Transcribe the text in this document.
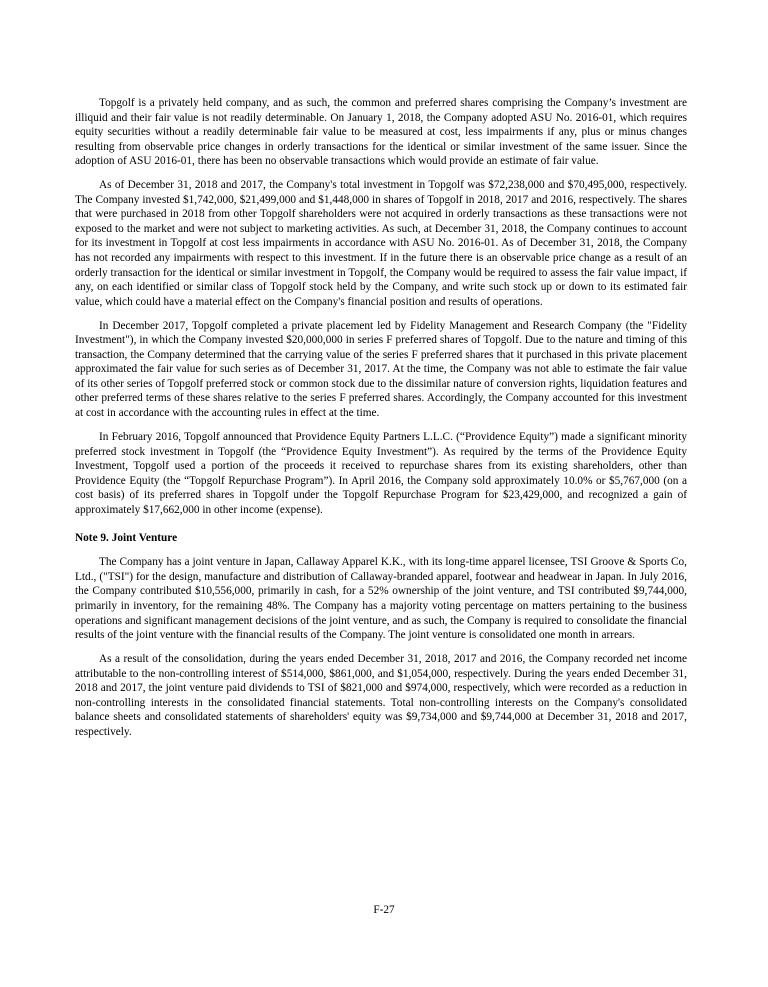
Topgolf is a privately held company, and as such, the common and preferred shares comprising the Company’s investment are illiquid and their fair value is not readily determinable. On January 1, 2018, the Company adopted ASU No. 2016-01, which requires equity securities without a readily determinable fair value to be measured at cost, less impairments if any, plus or minus changes resulting from observable price changes in orderly transactions for the identical or similar investment of the same issuer. Since the adoption of ASU 2016-01, there has been no observable transactions which would provide an estimate of fair value.

As of December 31, 2018 and 2017, the Company's total investment in Topgolf was $72,238,000 and $70,495,000, respectively. The Company invested $1,742,000, $21,499,000 and $1,448,000 in shares of Topgolf in 2018, 2017 and 2016, respectively. The shares that were purchased in 2018 from other Topgolf shareholders were not acquired in orderly transactions as these transactions were not exposed to the market and were not subject to marketing activities. As such, at December 31, 2018, the Company continues to account for its investment in Topgolf at cost less impairments in accordance with ASU No. 2016-01. As of December 31, 2018, the Company has not recorded any impairments with respect to this investment. If in the future there is an observable price change as a result of an orderly transaction for the identical or similar investment in Topgolf, the Company would be required to assess the fair value impact, if any, on each identified or similar class of Topgolf stock held by the Company, and write such stock up or down to its estimated fair value, which could have a material effect on the Company's financial position and results of operations.

In December 2017, Topgolf completed a private placement led by Fidelity Management and Research Company (the "Fidelity Investment"), in which the Company invested $20,000,000 in series F preferred shares of Topgolf. Due to the nature and timing of this transaction, the Company determined that the carrying value of the series F preferred shares that it purchased in this private placement approximated the fair value for such series as of December 31, 2017. At the time, the Company was not able to estimate the fair value of its other series of Topgolf preferred stock or common stock due to the dissimilar nature of conversion rights, liquidation features and other preferred terms of these shares relative to the series F preferred shares. Accordingly, the Company accounted for this investment at cost in accordance with the accounting rules in effect at the time.

In February 2016, Topgolf announced that Providence Equity Partners L.L.C. (“Providence Equity”) made a significant minority preferred stock investment in Topgolf (the “Providence Equity Investment”). As required by the terms of the Providence Equity Investment, Topgolf used a portion of the proceeds it received to repurchase shares from its existing shareholders, other than Providence Equity (the “Topgolf Repurchase Program”). In April 2016, the Company sold approximately 10.0% or $5,767,000 (on a cost basis) of its preferred shares in Topgolf under the Topgolf Repurchase Program for $23,429,000, and recognized a gain of approximately $17,662,000 in other income (expense).

Note 9. Joint Venture

The Company has a joint venture in Japan, Callaway Apparel K.K., with its long-time apparel licensee, TSI Groove & Sports Co, Ltd., ("TSI") for the design, manufacture and distribution of Callaway-branded apparel, footwear and headwear in Japan. In July 2016, the Company contributed $10,556,000, primarily in cash, for a 52% ownership of the joint venture, and TSI contributed $9,744,000, primarily in inventory, for the remaining 48%. The Company has a majority voting percentage on matters pertaining to the business operations and significant management decisions of the joint venture, and as such, the Company is required to consolidate the financial results of the joint venture with the financial results of the Company. The joint venture is consolidated one month in arrears.

As a result of the consolidation, during the years ended December 31, 2018, 2017 and 2016, the Company recorded net income attributable to the non-controlling interest of $514,000, $861,000, and $1,054,000, respectively. During the years ended December 31, 2018 and 2017, the joint venture paid dividends to TSI of $821,000 and $974,000, respectively, which were recorded as a reduction in non-controlling interests in the consolidated financial statements. Total non-controlling interests on the Company's consolidated balance sheets and consolidated statements of shareholders' equity was $9,734,000 and $9,744,000 at December 31, 2018 and 2017, respectively.

F-27
